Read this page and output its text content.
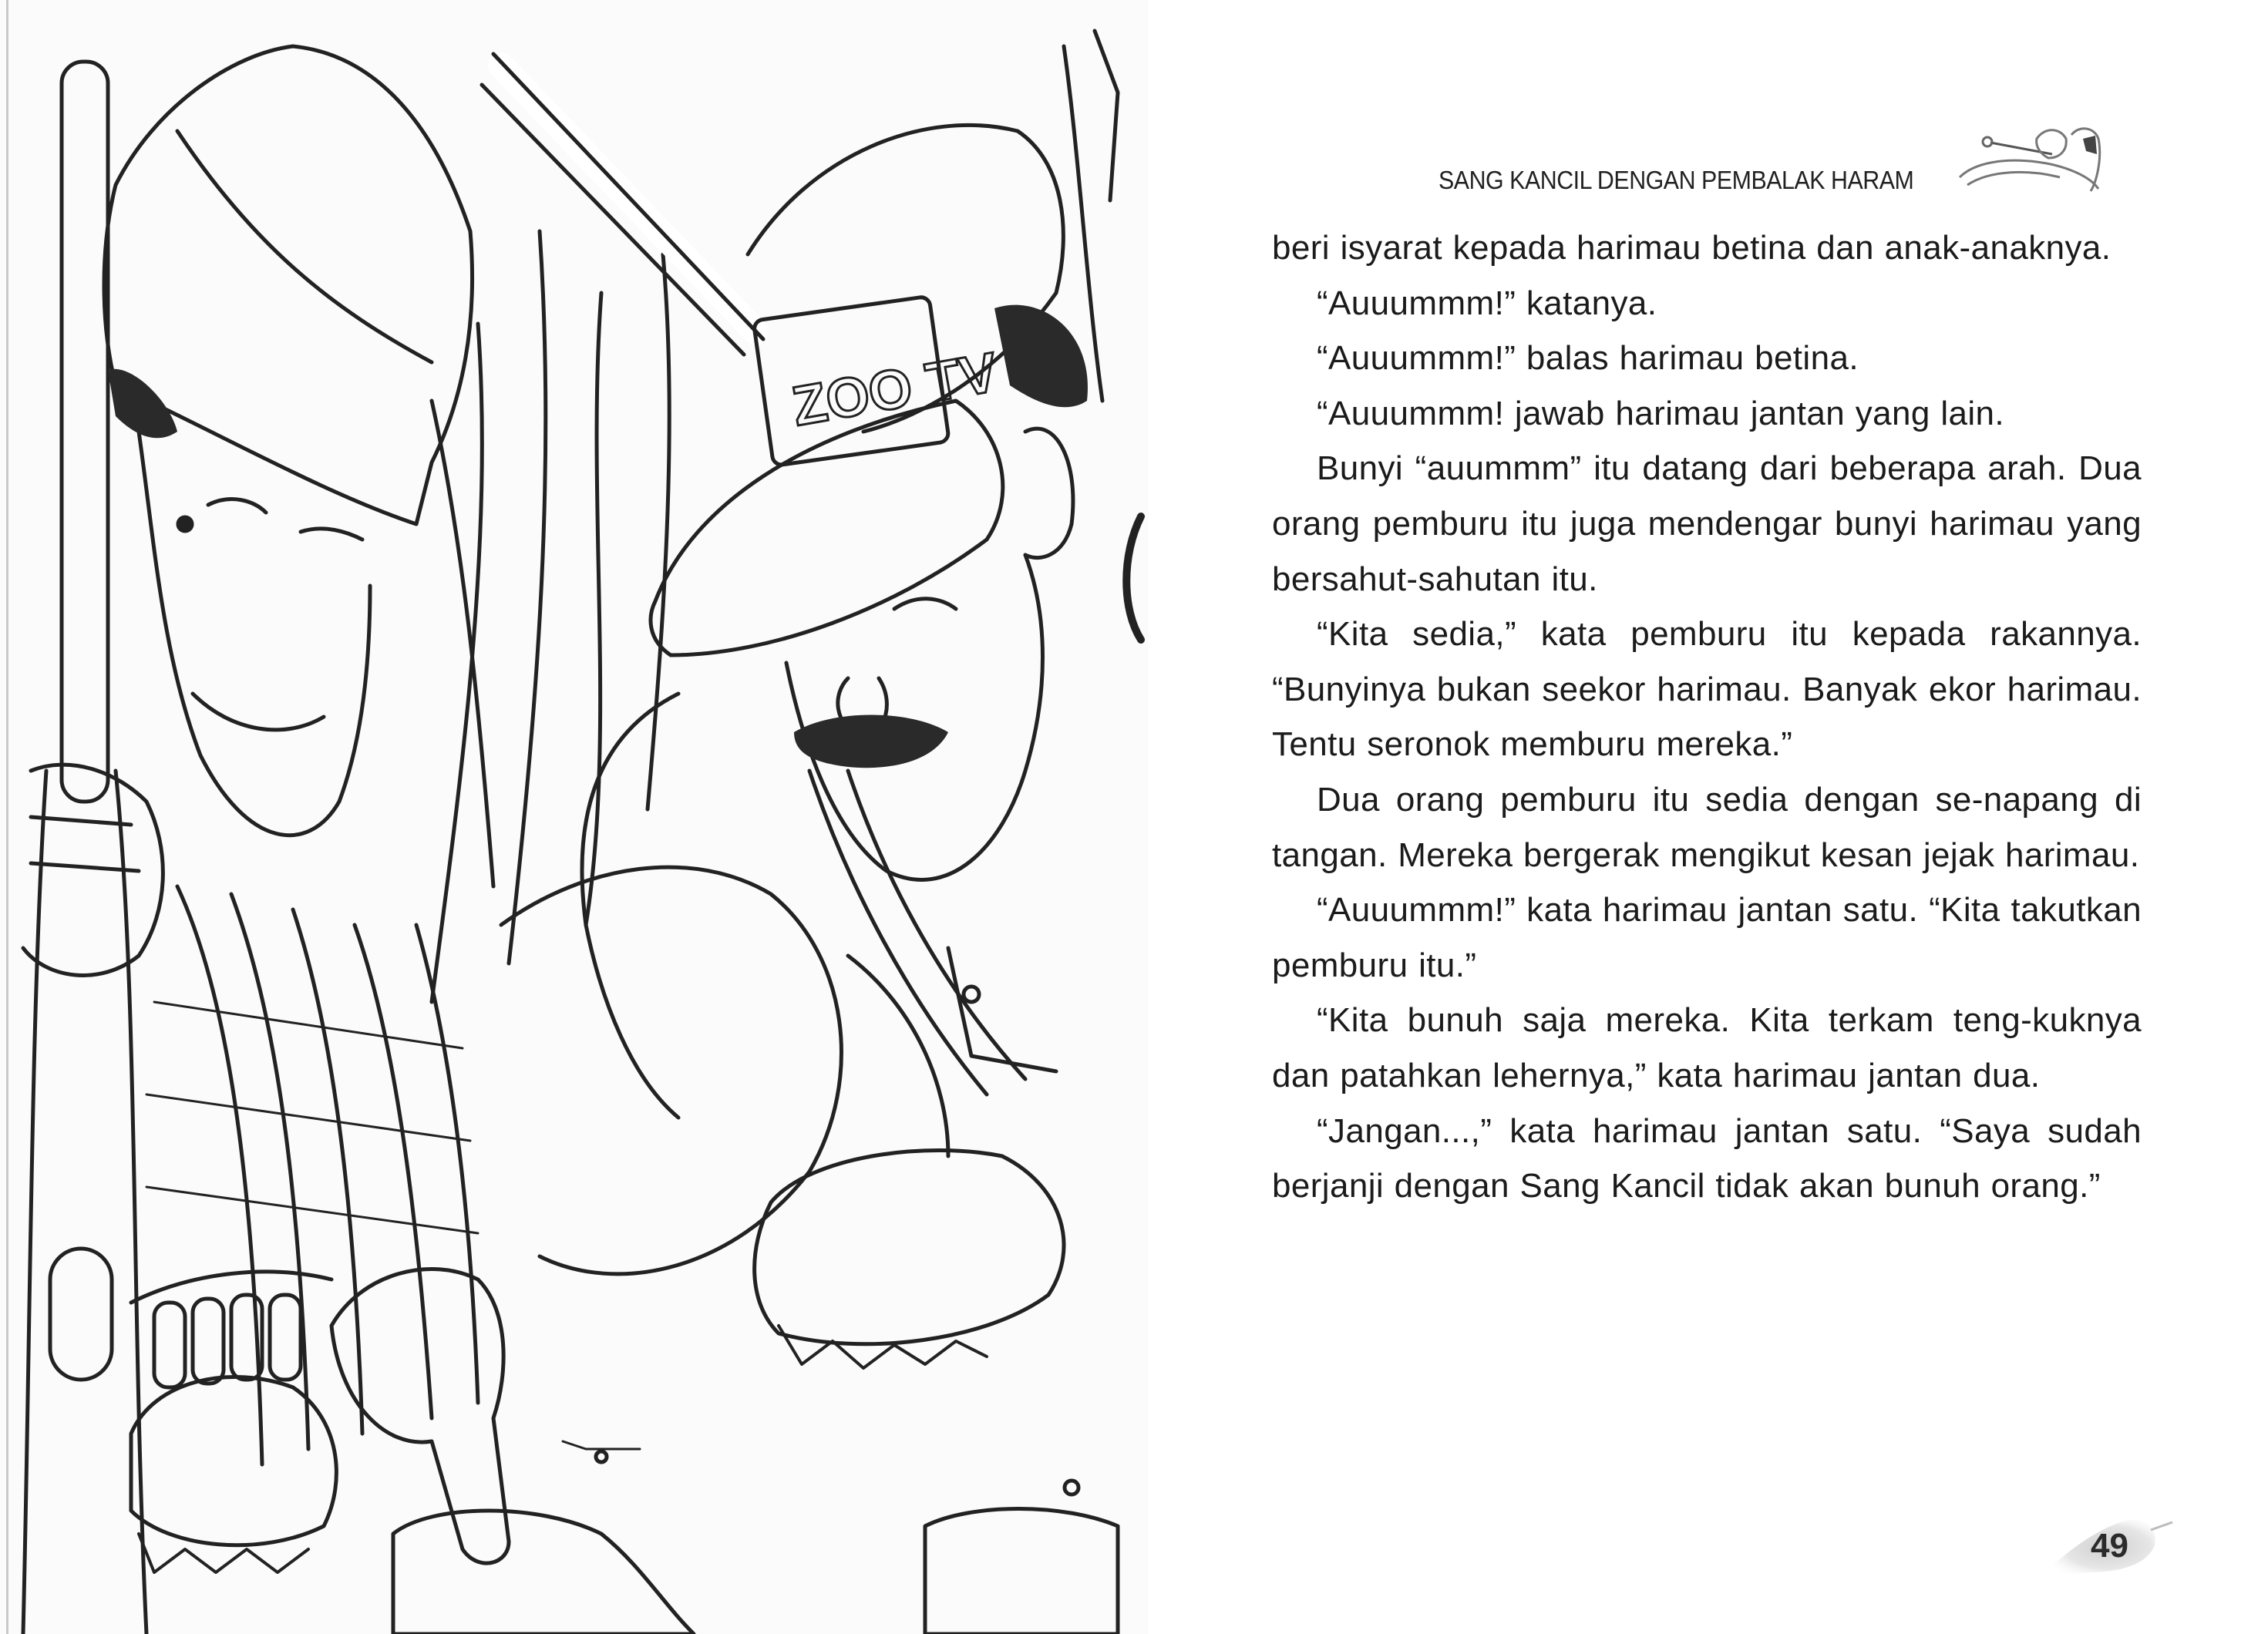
ZOO TV
SANG KANCIL DENGAN PEMBALAK HARAM

beri isyarat kepada harimau betina dan anak-anaknya.

“Auuummm!” katanya.

“Auuummm!” balas harimau betina.

“Auuummm! jawab harimau jantan yang lain.

Bunyi “auummm” itu datang dari beberapa arah. Dua orang pemburu itu juga mendengar bunyi harimau yang bersahut-sahutan itu.

“Kita sedia,” kata pemburu itu kepada rakannya. “Bunyinya bukan seekor harimau. Banyak ekor harimau. Tentu seronok memburu mereka.”

Dua orang pemburu itu sedia dengan se-napang di tangan. Mereka bergerak mengikut kesan jejak harimau.

“Auuummm!” kata harimau jantan satu. “Kita takutkan pemburu itu.”

“Kita bunuh saja mereka. Kita terkam teng-kuknya dan patahkan lehernya,” kata harimau jantan dua.

“Jangan...,” kata harimau jantan satu. “Saya sudah berjanji dengan Sang Kancil tidak akan bunuh orang.”

49
